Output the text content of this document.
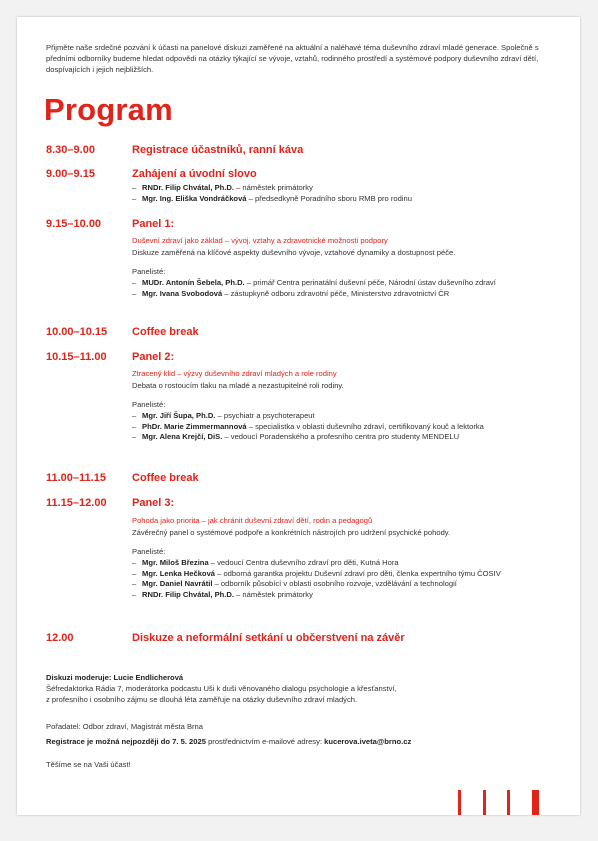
Přijměte naše srdečné pozvání k účasti na panelové diskuzi zaměřené na aktuální a naléhavé téma duševního zdraví mladé generace. Společně s předními odborníky budeme hledat odpovědi na otázky týkající se vývoje, vztahů, rodinného prostředí a systémové podpory duševního zdraví dětí, dospívajících i jejich nejbližších.
Program
8.30–9.00	Registrace účastníků, ranní káva
9.00–9.15	Zahájení a úvodní slovo
– RNDr. Filip Chvátal, Ph.D. – náměstek primátorky
– Mgr. Ing. Eliška Vondráčková – předsedkyně Poradního sboru RMB pro rodinu
9.15–10.00	Panel 1:
Duševní zdraví jako základ – vývoj, vztahy a zdravotnické možnosti podpory
Diskuze zaměřená na klíčové aspekty duševního vývoje, vztahové dynamiky a dostupnost péče.
Panelisté:
– MUDr. Antonín Šebela, Ph.D. – primář Centra perinatální duševní péče, Národní ústav duševního zdraví
– Mgr. Ivana Svobodová – zástupkyně odboru zdravotní péče, Ministerstvo zdravotnictví ČR
10.00–10.15 Coffee break
10.15–11.00 Panel 2:
Ztracený klid – výzvy duševního zdraví mladých a role rodiny
Debata o rostoucím tlaku na mladé a nezastupitelné roli rodiny.
Panelisté:
– Mgr. Jiří Šupa, Ph.D. – psychiatr a psychoterapeut
– PhDr. Marie Zimmermannová – specialistka v oblasti duševního zdraví, certifikovaný kouč a lektorka
– Mgr. Alena Krejčí, DiS. – vedoucí Poradenského a profesního centra pro studenty MENDELU
11.00–11.15 Coffee break
11.15–12.00 Panel 3:
Pohoda jako priorita – jak chránit duševní zdraví dětí, rodin a pedagogů
Závěrečný panel o systémové podpoře a konkrétních nástrojích pro udržení psychické pohody.
Panelisté:
– Mgr. Miloš Březina – vedoucí Centra duševního zdraví pro děti, Kutná Hora
– Mgr. Lenka Hečková – odborná garantka projektu Duševní zdraví pro děti, členka expertního týmu ČOSIV
– Mgr. Daniel Navrátil – odborník působící v oblasti osobního rozvoje, vzdělávání a technologií
– RNDr. Filip Chvátal, Ph.D. – náměstek primátorky
12.00	Diskuze a neformální setkání u občerstvení na závěr
Diskuzi moderuje: Lucie Endlicherová
Šéfredaktorka Rádia 7, moderátorka podcastu Uši k duši věnovaného dialogu psychologie a křesťanství,
z profesního i osobního zájmu se dlouhá léta zaměřuje na otázky duševního zdraví mladých.
Pořadatel: Odbor zdraví, Magistrát města Brna
Registrace je možná nejpozději do 7. 5. 2025 prostřednictvím e-mailové adresy: kucerova.iveta@brno.cz
Těšíme se na Vaši účast!
